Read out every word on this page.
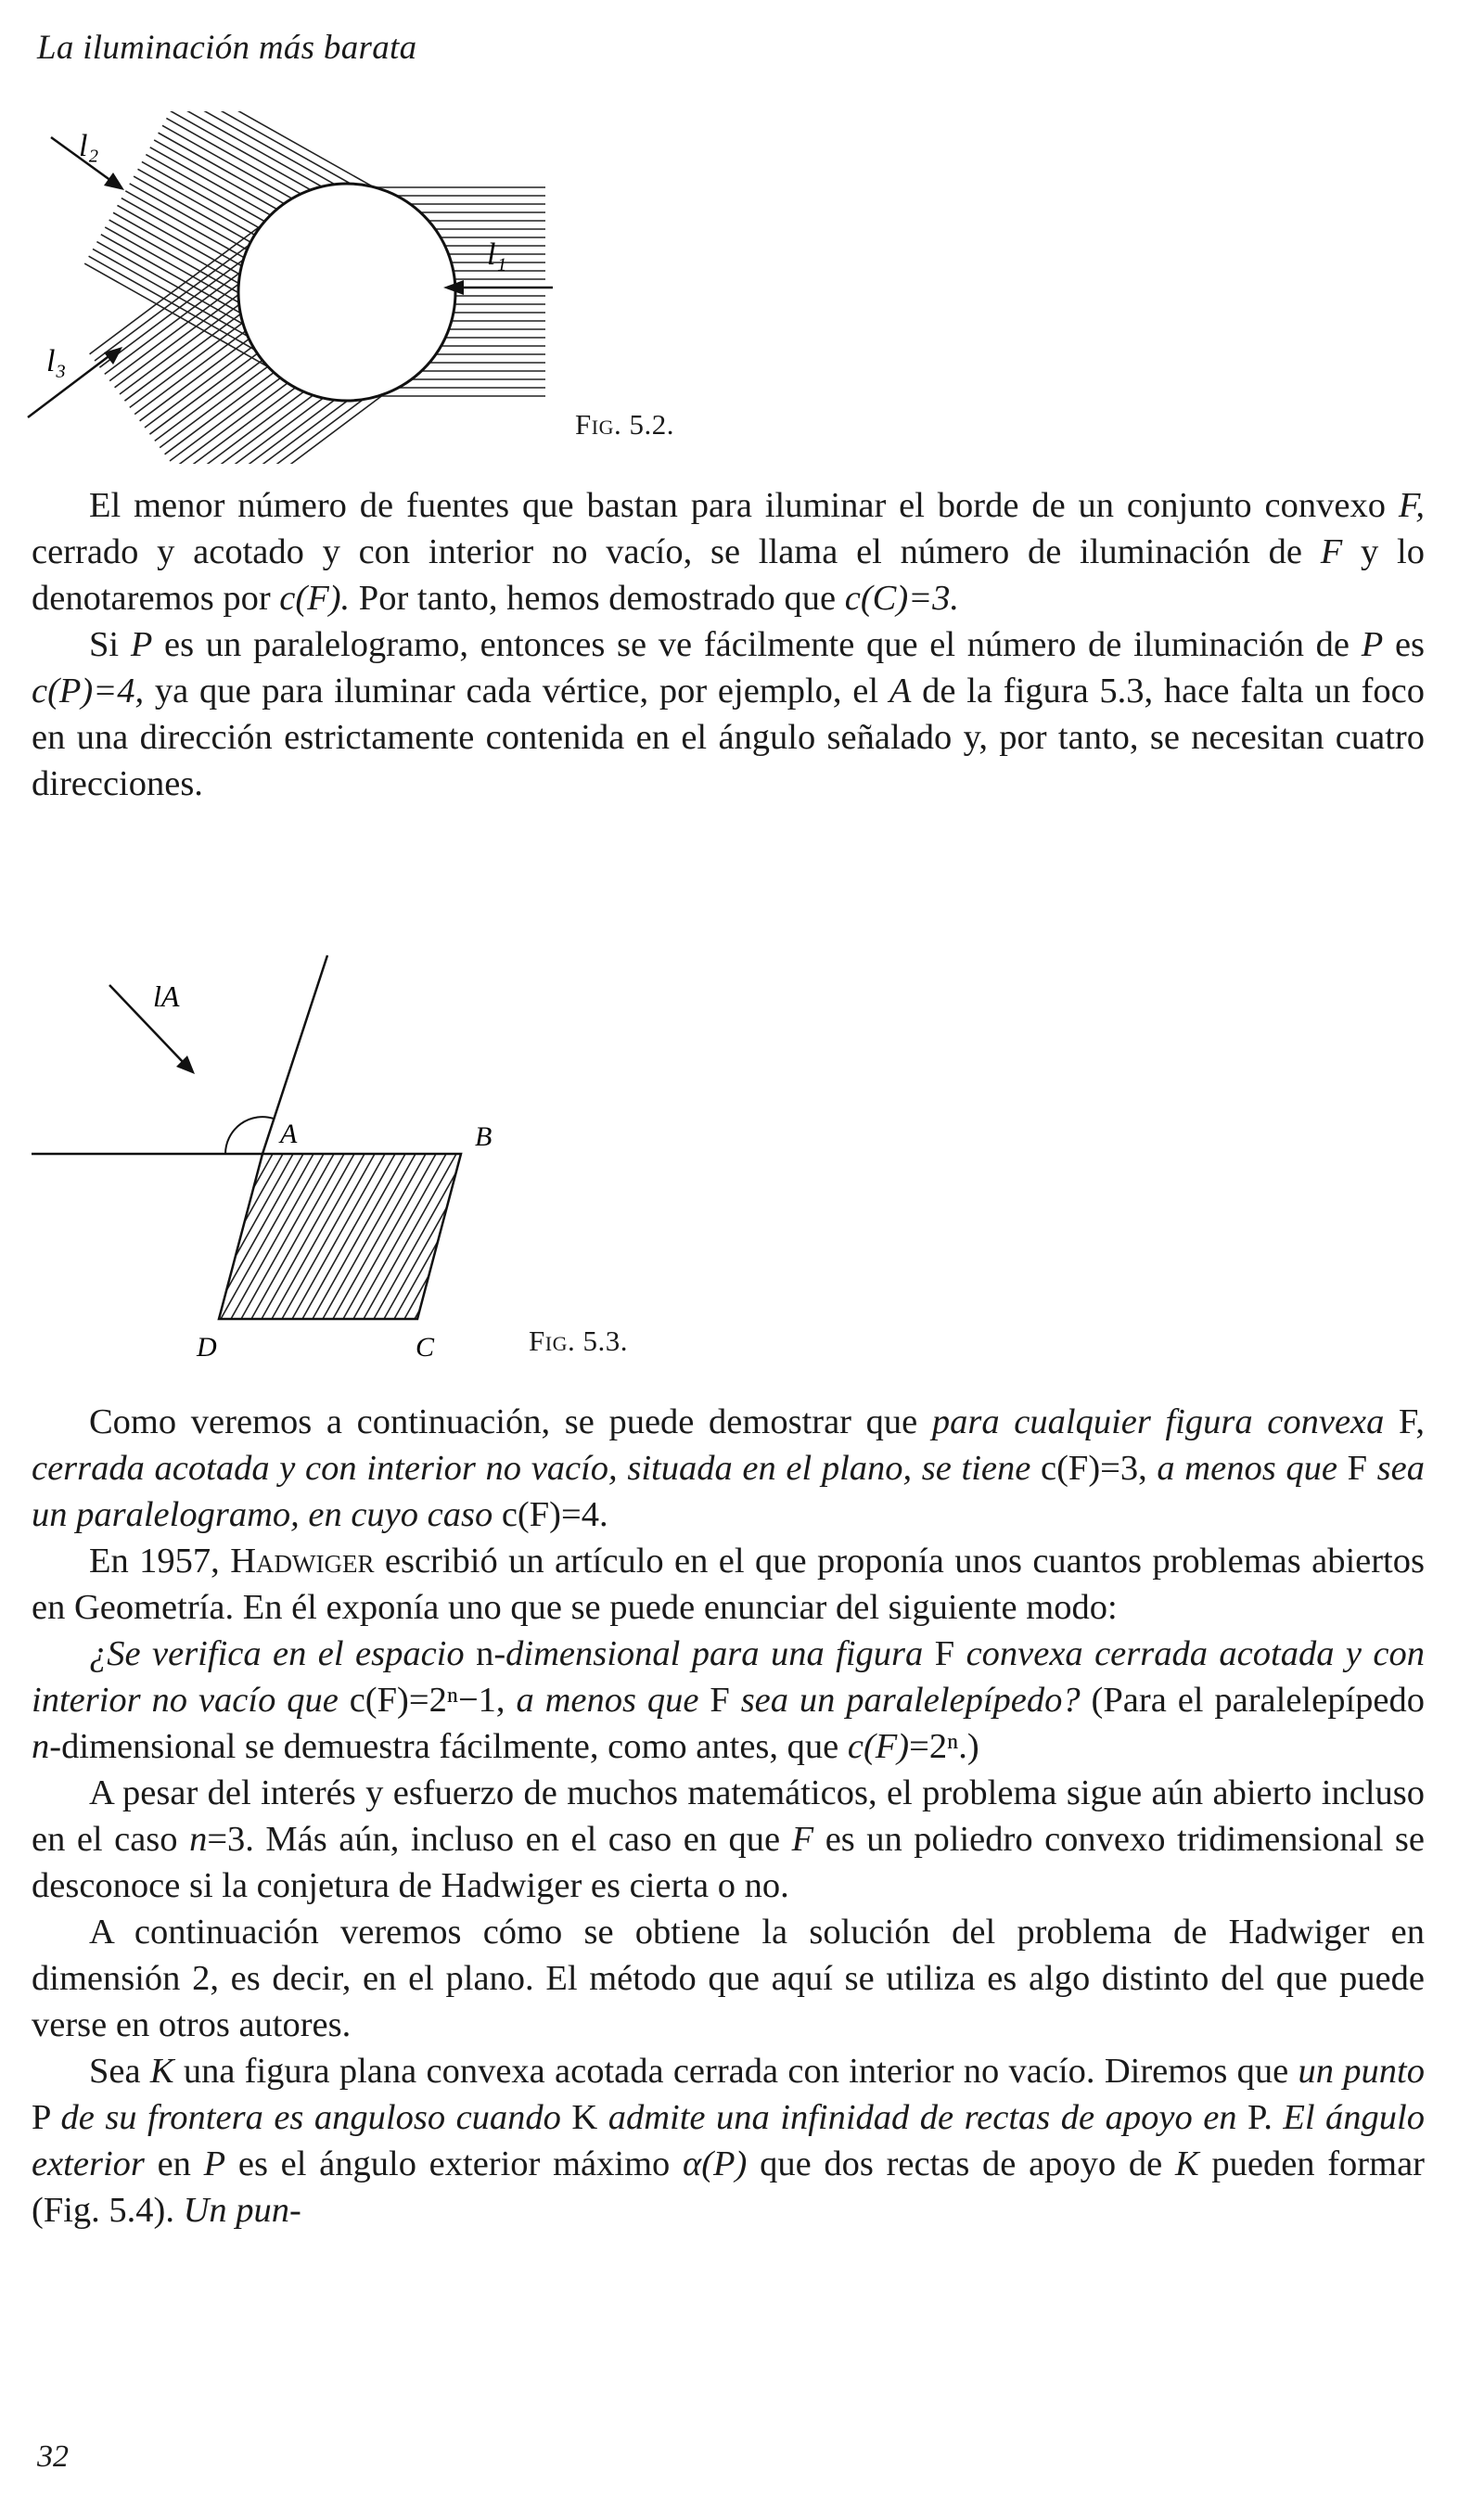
La iluminación más barata
l₂
l₁
l₃
Fig. 5.2.

El menor número de fuentes que bastan para iluminar el borde de un conjunto convexo F, cerrado y acotado y con interior no vacío, se llama el número de iluminación de F y lo denotaremos por c(F). Por tanto, hemos demostrado que c(C)=3.

Si P es un paralelogramo, entonces se ve fácilmente que el número de iluminación de P es c(P)=4, ya que para iluminar cada vértice, por ejemplo, el A de la figura 5.3, hace falta un foco en una dirección estrictamente contenida en el ángulo señalado y, por tanto, se necesitan cuatro direcciones.

lA
A	B
C
D	Fig. 5.3.

Como veremos a continuación, se puede demostrar que para cualquier figura convexa F, cerrada acotada y con interior no vacío, situada en el plano, se tiene c(F)=3, a menos que F sea un paralelogramo, en cuyo caso c(F)=4.

En 1957, Hadwiger escribió un artículo en el que proponía unos cuantos problemas abiertos en Geometría. En él exponía uno que se puede enunciar del siguiente modo:

¿Se verifica en el espacio n-dimensional para una figura F convexa cerrada acotada y con interior no vacío que c(F)=2ⁿ−1, a menos que F sea un paralelepípedo? (Para el paralelepípedo n-dimensional se demuestra fácilmente, como antes, que c(F)=2ⁿ.)

A pesar del interés y esfuerzo de muchos matemáticos, el problema sigue aún abierto incluso en el caso n=3. Más aún, incluso en el caso en que F es un poliedro convexo tridimensional se desconoce si la conjetura de Hadwiger es cierta o no.

A continuación veremos cómo se obtiene la solución del problema de Hadwiger en dimensión 2, es decir, en el plano. El método que aquí se utiliza es algo distinto del que puede verse en otros autores.

Sea K una figura plana convexa acotada cerrada con interior no vacío. Diremos que un punto P de su frontera es anguloso cuando K admite una infinidad de rectas de apoyo en P. El ángulo exterior en P es el ángulo exterior máximo α(P) que dos rectas de apoyo de K pueden formar (Fig. 5.4). Un pun-

32
